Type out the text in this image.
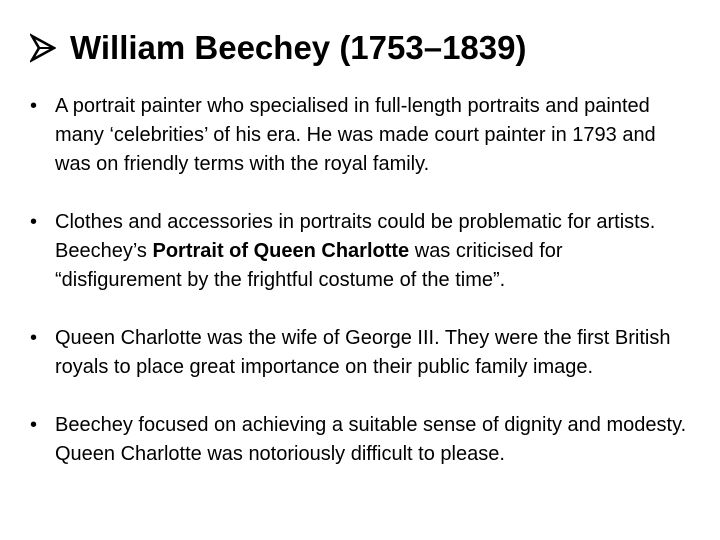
William Beechey (1753–1839)
• A portrait painter who specialised in full-length portraits and painted many ‘celebrities’ of his era. He was made court painter in 1793 and was on friendly terms with the royal family.
• Clothes and accessories in portraits could be problematic for artists. Beechey’s Portrait of Queen Charlotte was criticised for “disfigurement by the frightful costume of the time”.
• Queen Charlotte was the wife of George III. They were the first British royals to place great importance on their public family image.
• Beechey focused on achieving a suitable sense of dignity and modesty. Queen Charlotte was notoriously difficult to please.
